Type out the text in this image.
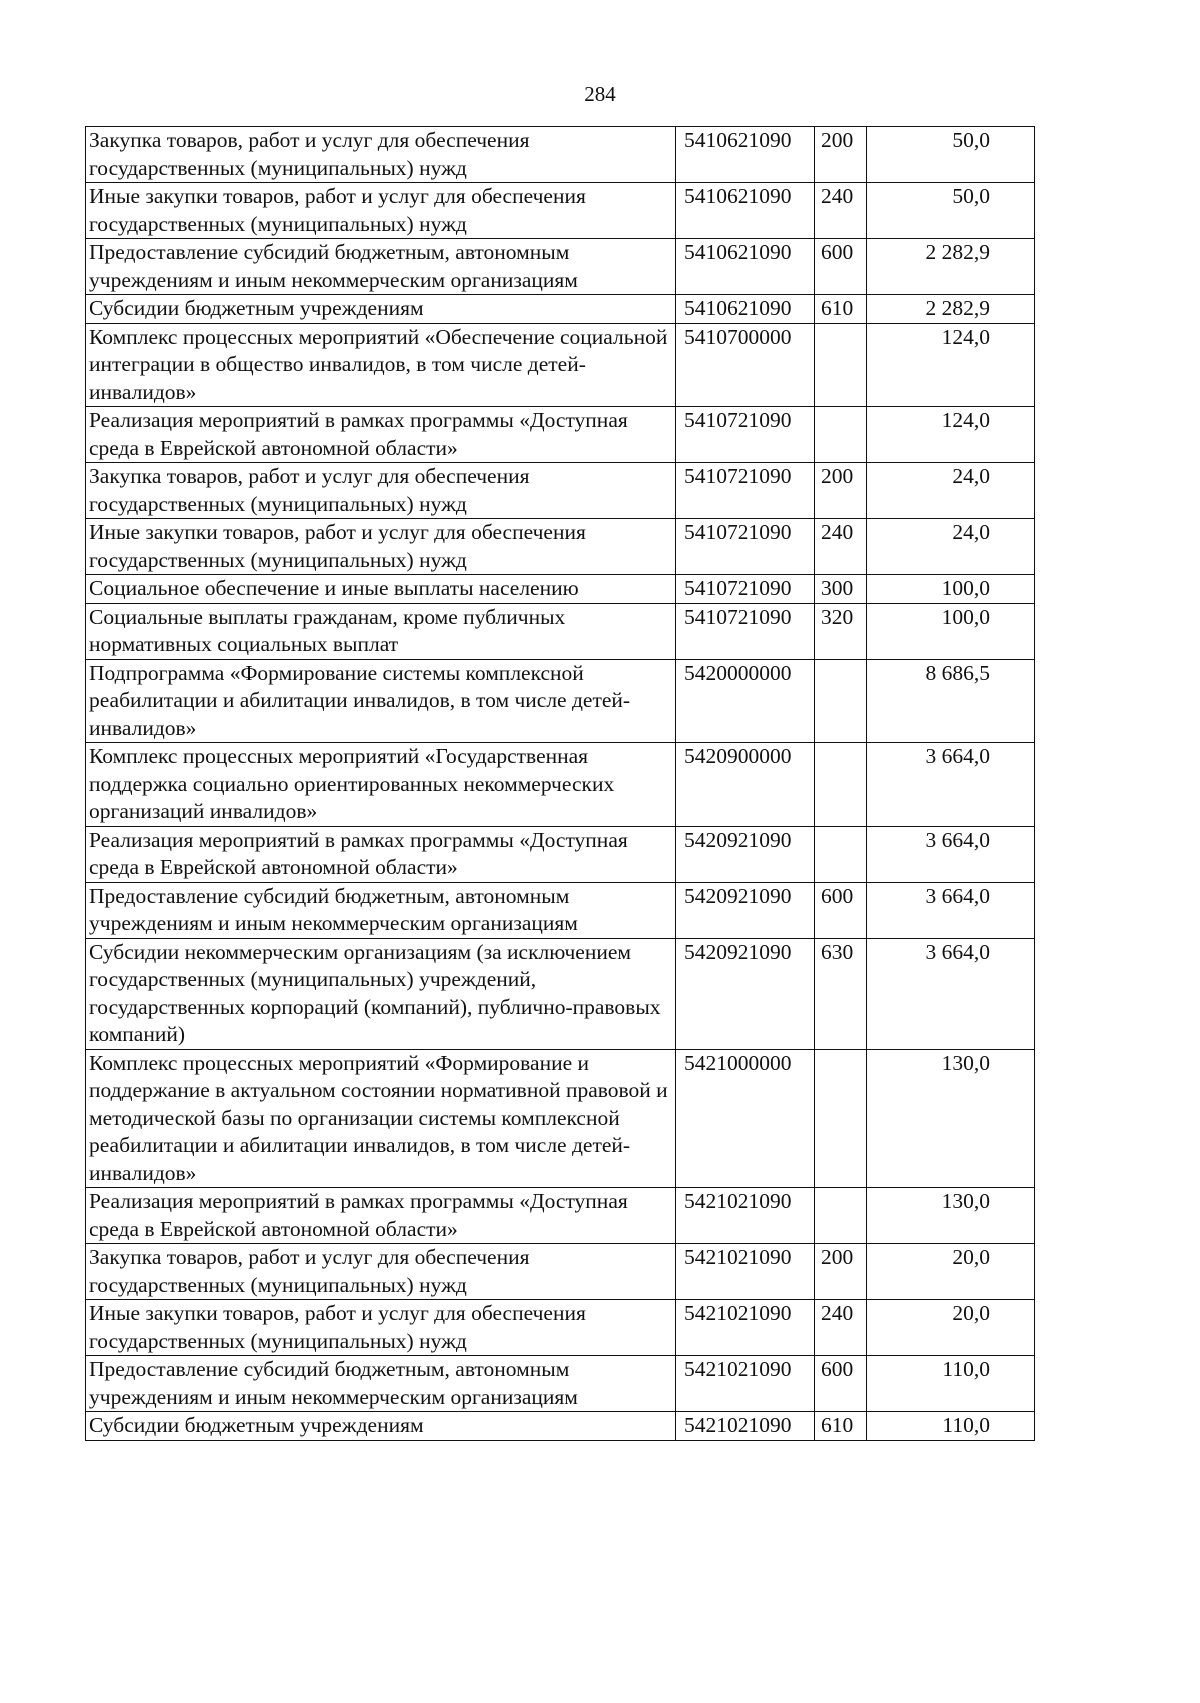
284
Закупка товаров, работ и услуг для обеспечения государственных (муниципальных) нужд	5410621090	200	50,0
Иные закупки товаров, работ и услуг для обеспечения государственных (муниципальных) нужд	5410621090	240	50,0
Предоставление субсидий бюджетным, автономным учреждениям и иным некоммерческим организациям	5410621090	600	2 282,9
Субсидии бюджетным учреждениям	5410621090	610	2 282,9
Комплекс процессных мероприятий «Обеспечение социальной интеграции в общество инвалидов, в том числе детей-инвалидов»	5410700000		124,0
Реализация мероприятий в рамках программы «Доступная среда в Еврейской автономной области»	5410721090		124,0
Закупка товаров, работ и услуг для обеспечения государственных (муниципальных) нужд	5410721090	200	24,0
Иные закупки товаров, работ и услуг для обеспечения государственных (муниципальных) нужд	5410721090	240	24,0
Социальное обеспечение и иные выплаты населению	5410721090	300	100,0
Социальные выплаты гражданам, кроме публичных нормативных социальных выплат	5410721090	320	100,0
Подпрограмма «Формирование системы комплексной реабилитации и абилитации инвалидов, в том числе детей-инвалидов»	5420000000		8 686,5
Комплекс процессных мероприятий «Государственная поддержка социально ориентированных некоммерческих организаций инвалидов»	5420900000		3 664,0
Реализация мероприятий в рамках программы «Доступная среда в Еврейской автономной области»	5420921090		3 664,0
Предоставление субсидий бюджетным, автономным учреждениям и иным некоммерческим организациям	5420921090	600	3 664,0
Субсидии некоммерческим организациям (за исключением государственных (муниципальных) учреждений, государственных корпораций (компаний), публично-правовых компаний)	5420921090	630	3 664,0
Комплекс процессных мероприятий «Формирование и поддержание в актуальном состоянии нормативной правовой и методической базы по организации системы комплексной реабилитации и абилитации инвалидов, в том числе детей-инвалидов»	5421000000		130,0
Реализация мероприятий в рамках программы «Доступная среда в Еврейской автономной области»	5421021090		130,0
Закупка товаров, работ и услуг для обеспечения государственных (муниципальных) нужд	5421021090	200	20,0
Иные закупки товаров, работ и услуг для обеспечения государственных (муниципальных) нужд	5421021090	240	20,0
Предоставление субсидий бюджетным, автономным учреждениям и иным некоммерческим организациям	5421021090	600	110,0
Субсидии бюджетным учреждениям	5421021090	610	110,0
